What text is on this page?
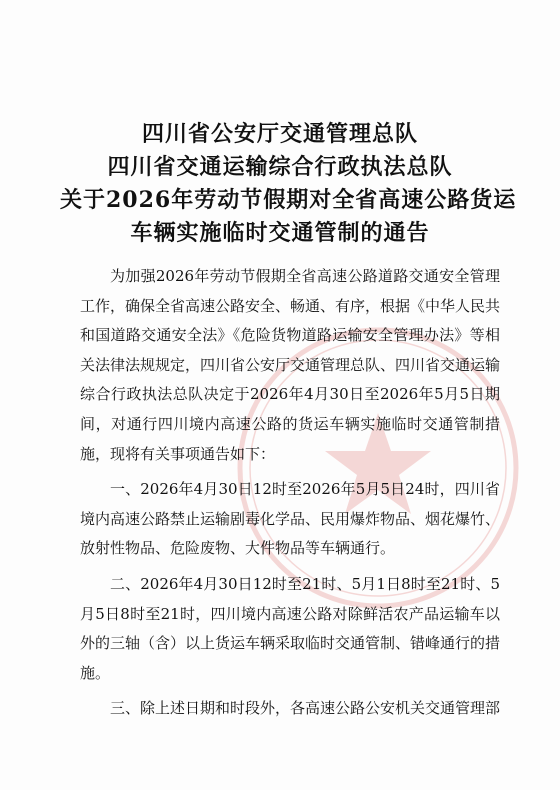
四川省公安厅交通管理总队
四川省交通运输综合行政执法总队
关于2026年劳动节假期对全省高速公路货运
车辆实施临时交通管制的通告

为加强2026年劳动节假期全省高速公路道路交通安全管理工作，确保全省高速公路安全、畅通、有序，根据《中华人民共和国道路交通安全法》《危险货物道路运输安全管理办法》等相关法律法规规定，四川省公安厅交通管理总队、四川省交通运输综合行政执法总队决定于2026年4月30日至2026年5月5日期间，对通行四川境内高速公路的货运车辆实施临时交通管制措施，现将有关事项通告如下：

一、2026年4月30日12时至2026年5月5日24时，四川省境内高速公路禁止运输剧毒化学品、民用爆炸物品、烟花爆竹、放射性物品、危险废物、大件物品等车辆通行。

二、2026年4月30日12时至21时、5月1日8时至21时、5月5日8时至21时，四川境内高速公路对除鲜活农产品运输车以外的三轴（含）以上货运车辆采取临时交通管制、错峰通行的措施。

三、除上述日期和时段外，各高速公路公安机关交通管理部
